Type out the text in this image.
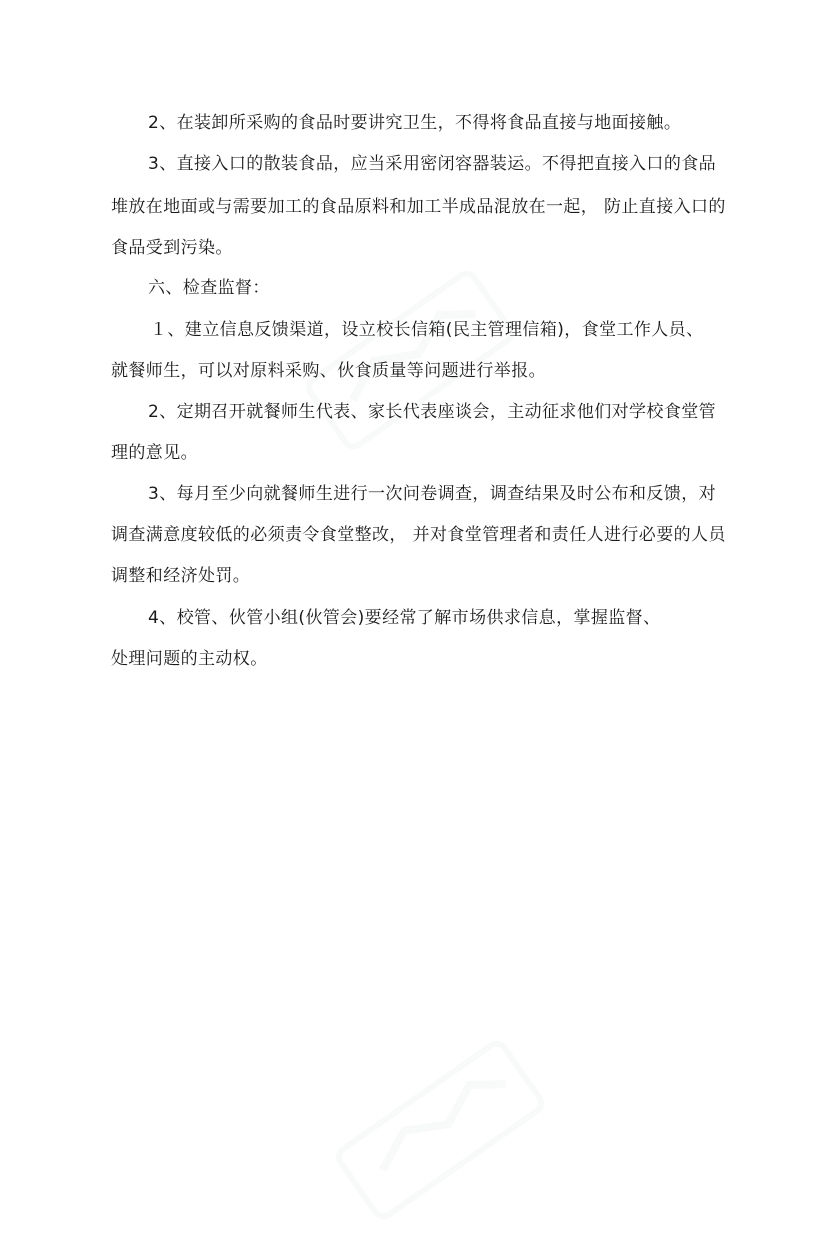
2、在装卸所采购的食品时要讲究卫生，不得将食品直接与地面接触。
3、直接入口的散装食品，应当采用密闭容器装运。不得把直接入口的食品
堆放在地面或与需要加工的食品原料和加工半成品混放在一起， 防止直接入口的
食品受到污染。
六、检查监督：
１、建立信息反馈渠道，设立校长信箱(民主管理信箱)，食堂工作人员、
就餐师生，可以对原料采购、伙食质量等问题进行举报。
2、定期召开就餐师生代表、家长代表座谈会，主动征求他们对学校食堂管
理的意见。
3、每月至少向就餐师生进行一次问卷调查，调查结果及时公布和反馈，对
调查满意度较低的必须责令食堂整改， 并对食堂管理者和责任人进行必要的人员
调整和经济处罚。
4、校管、伙管小组(伙管会)要经常了解市场供求信息，掌握监督、
处理问题的主动权。
